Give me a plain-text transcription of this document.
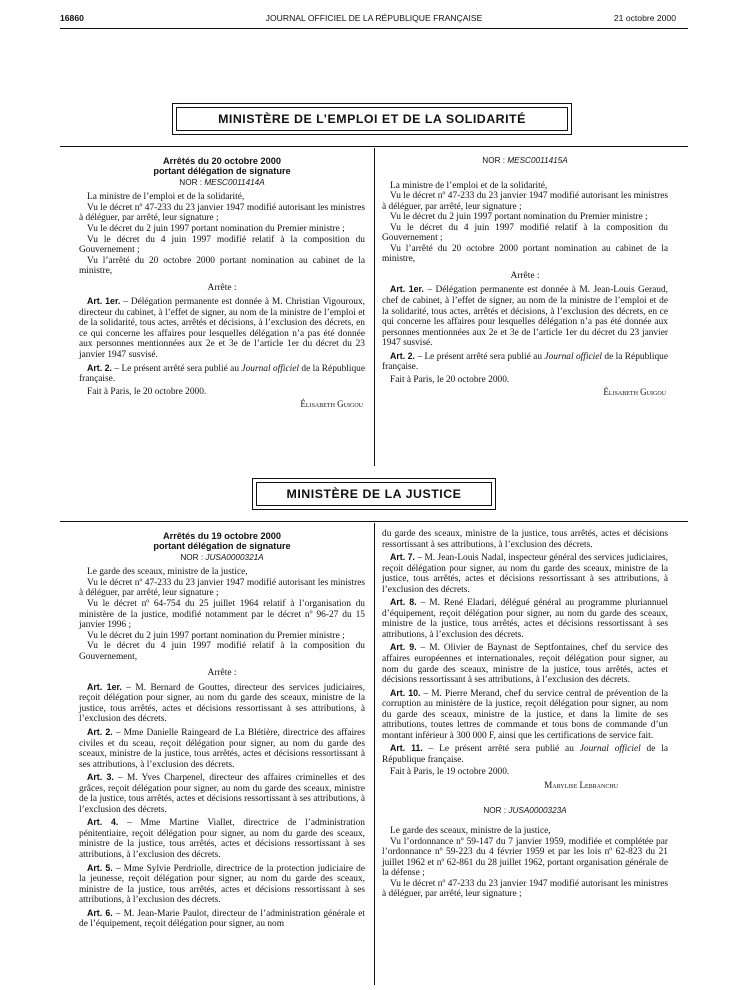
16860	JOURNAL OFFICIEL DE LA RÉPUBLIQUE FRANÇAISE	21 octobre 2000
MINISTÈRE DE L’EMPLOI ET DE LA SOLIDARITÉ
Arrêtés du 20 octobre 2000
portant délégation de signature
NOR : MESC0011414A

La ministre de l’emploi et de la solidarité,

Vu le décret nº 47-233 du 23 janvier 1947 modifié autorisant les ministres à déléguer, par arrêté, leur signature ;

Vu le décret du 2 juin 1997 portant nomination du Premier ministre ;

Vu le décret du 4 juin 1997 modifié relatif à la composition du Gouvernement ;

Vu l’arrêté du 20 octobre 2000 portant nomination au cabinet de la ministre,

Arrête :

Art. 1er. – Délégation permanente est donnée à M. Christian Vigouroux, directeur du cabinet, à l’effet de signer, au nom de la ministre de l’emploi et de la solidarité, tous actes, arrêtés et décisions, à l’exclusion des décrets, en ce qui concerne les affaires pour lesquelles délégation n’a pas été donnée aux personnes mentionnées aux 2e et 3e de l’article 1er du décret du 23 janvier 1947 susvisé.

Art. 2. – Le présent arrêté sera publié au Journal officiel de la République française.

Fait à Paris, le 20 octobre 2000.

Élisabeth Guigou
NOR : MESC0011415A

La ministre de l’emploi et de la solidarité,

Vu le décret nº 47-233 du 23 janvier 1947 modifié autorisant les ministres à déléguer, par arrêté, leur signature ;

Vu le décret du 2 juin 1997 portant nomination du Premier ministre ;

Vu le décret du 4 juin 1997 modifié relatif à la composition du Gouvernement ;

Vu l’arrêté du 20 octobre 2000 portant nomination au cabinet de la ministre,

Arrête :

Art. 1er. – Délégation permanente est donnée à M. Jean-Louis Geraud, chef de cabinet, à l’effet de signer, au nom de la ministre de l’emploi et de la solidarité, tous actes, arrêtés et décisions, à l’exclusion des décrets, en ce qui concerne les affaires pour lesquelles délégation n’a pas été donnée aux personnes mentionnées aux 2e et 3e de l’article 1er du décret du 23 janvier 1947 susvisé.

Art. 2. – Le présent arrêté sera publié au Journal officiel de la République française.

Fait à Paris, le 20 octobre 2000.

Élisabeth Guigou
MINISTÈRE DE LA JUSTICE
Arrêtés du 19 octobre 2000
portant délégation de signature
NOR : JUSA0000321A

Le garde des sceaux, ministre de la justice,

Vu le décret nº 47-233 du 23 janvier 1947 modifié autorisant les ministres à déléguer, par arrêté, leur signature ;

Vu le décret nº 64-754 du 25 juillet 1964 relatif à l’organisation du ministère de la justice, modifié notamment par le décret nº 96-27 du 15 janvier 1996 ;

Vu le décret du 2 juin 1997 portant nomination du Premier ministre ;

Vu le décret du 4 juin 1997 modifié relatif à la composition du Gouvernement,

Arrête :

Art. 1er. – M. Bernard de Gouttes, directeur des services judiciaires, reçoit délégation pour signer, au nom du garde des sceaux, ministre de la justice, tous arrêtés, actes et décisions ressortissant à ses attributions, à l’exclusion des décrets.

Art. 2. – Mme Danielle Raingeard de La Blétière, directrice des affaires civiles et du sceau, reçoit délégation pour signer, au nom du garde des sceaux, ministre de la justice, tous arrêtés, actes et décisions ressortissant à ses attributions, à l’exclusion des décrets.

Art. 3. – M. Yves Charpenel, directeur des affaires criminelles et des grâces, reçoit délégation pour signer, au nom du garde des sceaux, ministre de la justice, tous arrêtés, actes et décisions ressortissant à ses attributions, à l’exclusion des décrets.

Art. 4. – Mme Martine Viallet, directrice de l’administration pénitentiaire, reçoit délégation pour signer, au nom du garde des sceaux, ministre de la justice, tous arrêtés, actes et décisions ressortissant à ses attributions, à l’exclusion des décrets.

Art. 5. – Mme Sylvie Perdriolle, directrice de la protection judiciaire de la jeunesse, reçoit délégation pour signer, au nom du garde des sceaux, ministre de la justice, tous arrêtés, actes et décisions ressortissant à ses attributions, à l’exclusion des décrets.

Art. 6. – M. Jean-Marie Paulot, directeur de l’administration générale et de l’équipement, reçoit délégation pour signer, au nom

du garde des sceaux, ministre de la justice, tous arrêtés, actes et décisions ressortissant à ses attributions, à l’exclusion des décrets.

Art. 7. – M. Jean-Louis Nadal, inspecteur général des services judiciaires, reçoit délégation pour signer, au nom du garde des sceaux, ministre de la justice, tous arrêtés, actes et décisions ressortissant à ses attributions, à l’exclusion des décrets.

Art. 8. – M. René Eladari, délégué général au programme pluriannuel d’équipement, reçoit délégation pour signer, au nom du garde des sceaux, ministre de la justice, tous arrêtés, actes et décisions ressortissant à ses attributions, à l’exclusion des décrets.

Art. 9. – M. Olivier de Baynast de Septfontaines, chef du service des affaires européennes et internationales, reçoit délégation pour signer, au nom du garde des sceaux, ministre de la justice, tous arrêtés, actes et décisions ressortissant à ses attributions, à l’exclusion des décrets.

Art. 10. – M. Pierre Merand, chef du service central de prévention de la corruption au ministère de la justice, reçoit délégation pour signer, au nom du garde des sceaux, ministre de la justice, et dans la limite de ses attributions, toutes lettres de commande et tous bons de commande d’un montant inférieur à 300 000 F, ainsi que les certifications de service fait.

Art. 11. – Le présent arrêté sera publié au Journal officiel de la République française.

Fait à Paris, le 19 octobre 2000.

Marylise Lebranchu
NOR : JUSA0000323A

Le garde des sceaux, ministre de la justice,

Vu l’ordonnance nº 59-147 du 7 janvier 1959, modifiée et complétée par l’ordonnance nº 59-223 du 4 février 1959 et par les lois nº 62-823 du 21 juillet 1962 et nº 62-861 du 28 juillet 1962, portant organisation générale de la défense ;

Vu le décret nº 47-233 du 23 janvier 1947 modifié autorisant les ministres à déléguer, par arrêté, leur signature ;
